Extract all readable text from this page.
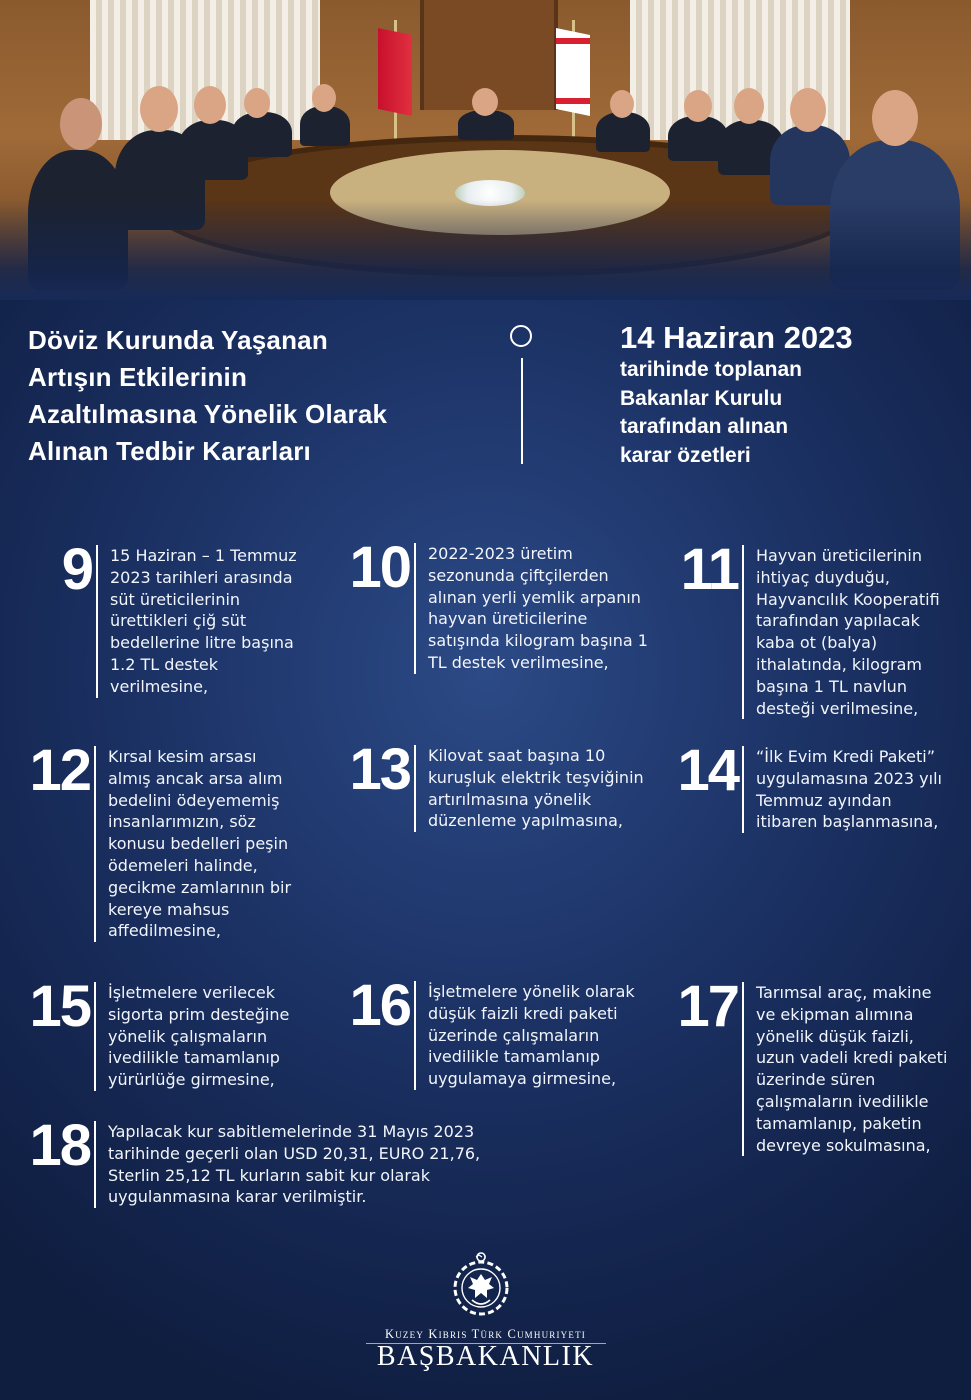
Döviz Kurunda Yaşanan
Artışın Etkilerinin
Azaltılmasına Yönelik Olarak
Alınan Tedbir Kararları
14 Haziran 2023

tarihinde toplanan
Bakanlar Kurulu
tarafından alınan
karar özetleri

9 15 Haziran – 1 Temmuz 2023 tarihleri arasında süt üreticilerinin ürettikleri çiğ süt bedellerine litre başına 1.2 TL destek verilmesine,

10 2022-2023 üretim sezonunda çiftçilerden alınan yerli yemlik arpanın hayvan üreticilerine satışında kilogram başına 1 TL destek verilmesine,

11 Hayvan üreticilerinin ihtiyaç duyduğu, Hayvancılık Kooperatifi tarafından yapılacak kaba ot (balya) ithalatında, kilogram başına 1 TL navlun desteği verilmesine,

12 Kırsal kesim arsası almış ancak arsa alım bedelini ödeyememiş insanlarımızın, söz konusu bedelleri peşin ödemeleri halinde, gecikme zamlarının bir kereye mahsus affedilmesine,

13 Kilovat saat başına 10 kuruşluk elektrik teşviğinin artırılmasına yönelik düzenleme yapılmasına,

14 “İlk Evim Kredi Paketi” uygulamasına 2023 yılı Temmuz ayından itibaren başlanmasına,

15 İşletmelere verilecek sigorta prim desteğine yönelik çalışmaların ivedilikle tamamlanıp yürürlüğe girmesine,

16 İşletmelere yönelik olarak düşük faizli kredi paketi üzerinde çalışmaların ivedilikle tamamlanıp uygulamaya girmesine,

17 Tarımsal araç, makine ve ekipman alımına yönelik düşük faizli, uzun vadeli kredi paketi üzerinde süren çalışmaların ivedilikle tamamlanıp, paketin devreye sokulmasına,

18 Yapılacak kur sabitlemelerinde 31 Mayıs 2023 tarihinde geçerli olan USD 20,31, EURO 21,76, Sterlin 25,12 TL kurların sabit kur olarak uygulanmasına karar verilmiştir.

Kuzey Kıbrıs Türk Cumhuriyeti

BAŞBAKANLIK
